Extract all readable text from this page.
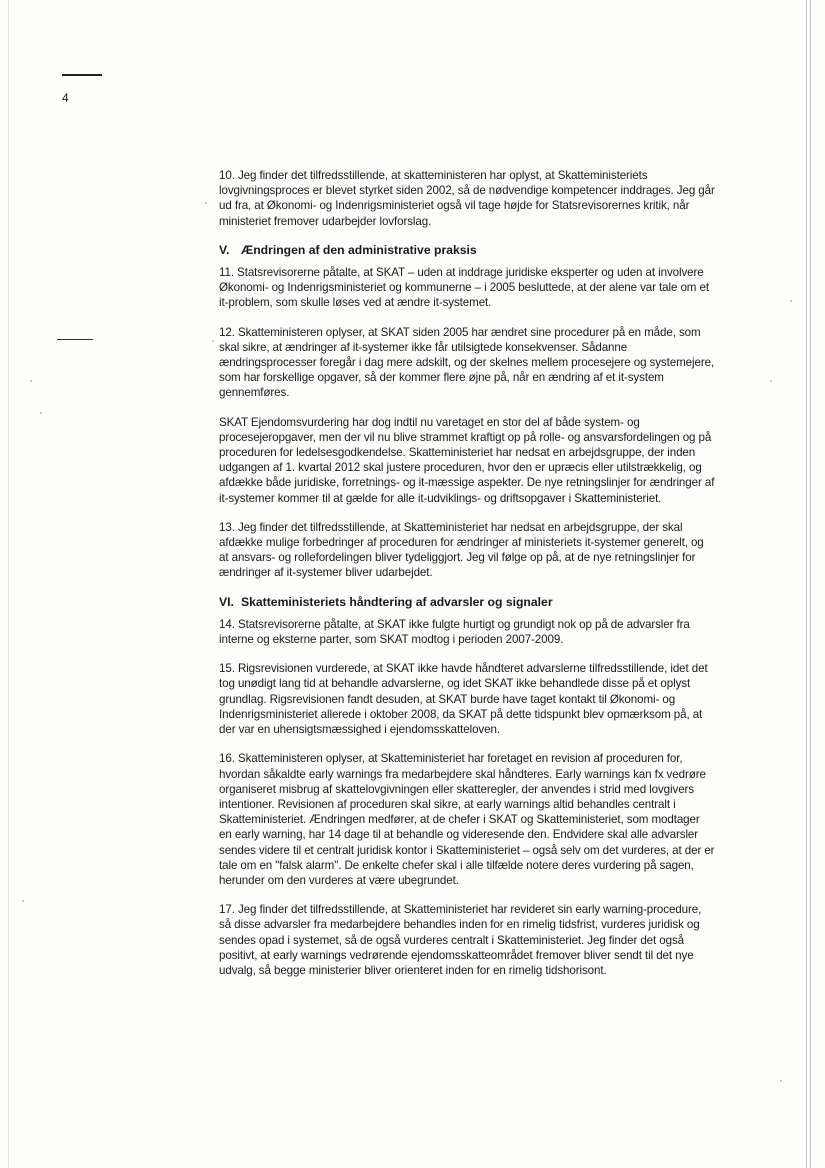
4

10. Jeg finder det tilfredsstillende, at skatteministeren har oplyst, at Skatteministeriets lovgivningsproces er blevet styrket siden 2002, så de nødvendige kompetencer inddrages. Jeg går ud fra, at Økonomi- og Indenrigsministeriet også vil tage højde for Statsrevisorernes kritik, når ministeriet fremover udarbejder lovforslag.

V. Ændringen af den administrative praksis

11. Statsrevisorerne påtalte, at SKAT – uden at inddrage juridiske eksperter og uden at involvere Økonomi- og Indenrigsministeriet og kommunerne – i 2005 besluttede, at der alene var tale om et it-problem, som skulle løses ved at ændre it-systemet.

12. Skatteministeren oplyser, at SKAT siden 2005 har ændret sine procedurer på en måde, som skal sikre, at ændringer af it-systemer ikke får utilsigtede konsekvenser. Sådanne ændringsprocesser foregår i dag mere adskilt, og der skelnes mellem procesejere og systemejere, som har forskellige opgaver, så der kommer flere øjne på, når en ændring af et it-system gennemføres.

SKAT Ejendomsvurdering har dog indtil nu varetaget en stor del af både system- og procesejeropgaver, men der vil nu blive strammet kraftigt op på rolle- og ansvarsfordelingen og på proceduren for ledelsesgodkendelse. Skatteministeriet har nedsat en arbejdsgruppe, der inden udgangen af 1. kvartal 2012 skal justere proceduren, hvor den er upræcis eller utilstrækkelig, og afdække både juridiske, forretnings- og it-mæssige aspekter. De nye retningslinjer for ændringer af it-systemer kommer til at gælde for alle it-udviklings- og driftsopgaver i Skatteministeriet.

13. Jeg finder det tilfredsstillende, at Skatteministeriet har nedsat en arbejdsgruppe, der skal afdække mulige forbedringer af proceduren for ændringer af ministeriets it-systemer generelt, og at ansvars- og rollefordelingen bliver tydeliggjort. Jeg vil følge op på, at de nye retningslinjer for ændringer af it-systemer bliver udarbejdet.

VI. Skatteministeriets håndtering af advarsler og signaler

14. Statsrevisorerne påtalte, at SKAT ikke fulgte hurtigt og grundigt nok op på de advarsler fra interne og eksterne parter, som SKAT modtog i perioden 2007-2009.

15. Rigsrevisionen vurderede, at SKAT ikke havde håndteret advarslerne tilfredsstillende, idet det tog unødigt lang tid at behandle advarslerne, og idet SKAT ikke behandlede disse på et oplyst grundlag. Rigsrevisionen fandt desuden, at SKAT burde have taget kontakt til Økonomi- og Indenrigsministeriet allerede i oktober 2008, da SKAT på dette tidspunkt blev opmærksom på, at der var en uhensigtsmæssighed i ejendomsskatteloven.

16. Skatteministeren oplyser, at Skatteministeriet har foretaget en revision af proceduren for, hvordan såkaldte early warnings fra medarbejdere skal håndteres. Early warnings kan fx vedrøre organiseret misbrug af skattelovgivningen eller skatteregler, der anvendes i strid med lovgivers intentioner. Revisionen af proceduren skal sikre, at early warnings altid behandles centralt i Skatteministeriet. Ændringen medfører, at de chefer i SKAT og Skatteministeriet, som modtager en early warning, har 14 dage til at behandle og videresende den. Endvidere skal alle advarsler sendes videre til et centralt juridisk kontor i Skatteministeriet – også selv om det vurderes, at der er tale om en "falsk alarm". De enkelte chefer skal i alle tilfælde notere deres vurdering på sagen, herunder om den vurderes at være ubegrundet.

17. Jeg finder det tilfredsstillende, at Skatteministeriet har revideret sin early warning-procedure, så disse advarsler fra medarbejdere behandles inden for en rimelig tidsfrist, vurderes juridisk og sendes opad i systemet, så de også vurderes centralt i Skatteministeriet. Jeg finder det også positivt, at early warnings vedrørende ejendomsskatteområdet fremover bliver sendt til det nye udvalg, så begge ministerier bliver orienteret inden for en rimelig tidshorisont.
